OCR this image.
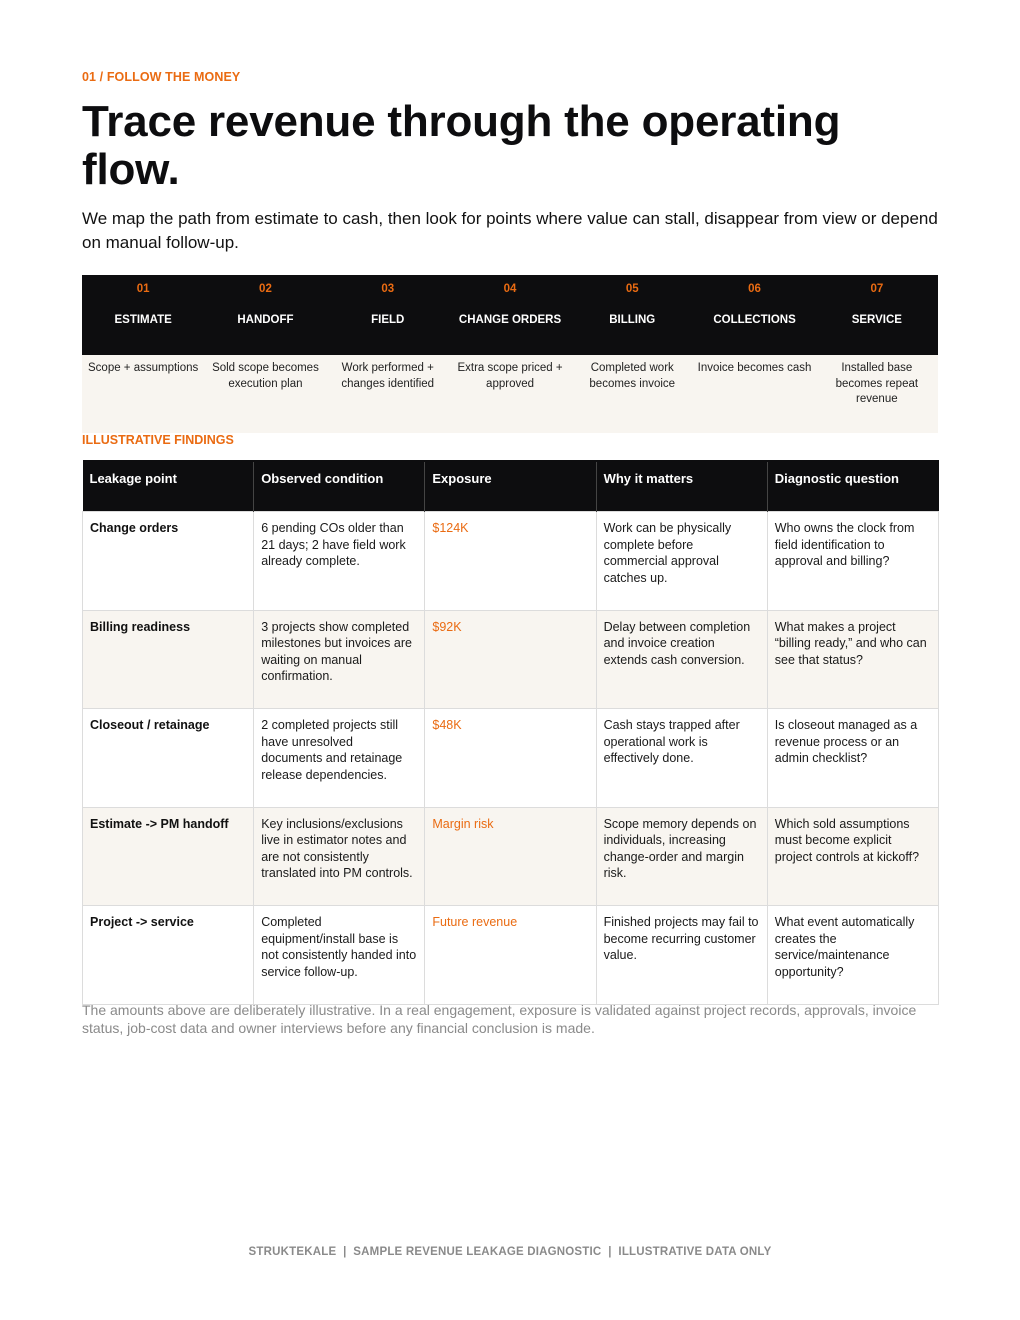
01 / FOLLOW THE MONEY
Trace revenue through the operating flow.

We map the path from estimate to cash, then look for points where value can stall, disappear from view or depend on manual follow-up.

01
ESTIMATE
Scope + assumptions
02
HANDOFF
Sold scope becomes execution plan
03
FIELD
Work performed + changes identified
04
CHANGE ORDERS
Extra scope priced + approved
05
BILLING
Completed work becomes invoice
06
COLLECTIONS
Invoice becomes cash
07
SERVICE
Installed base becomes repeat revenue
ILLUSTRATIVE FINDINGS
Leakage point	Observed condition	Exposure	Why it matters	Diagnostic question
Change orders	6 pending COs older than 21 days; 2 have field work already complete.	$124K	Work can be physically complete before commercial approval catches up.	Who owns the clock from field identification to approval and billing?
Billing readiness	3 projects show completed milestones but invoices are waiting on manual confirmation.	$92K	Delay between completion and invoice creation extends cash conversion.	What makes a project “billing ready,” and who can see that status?
Closeout / retainage	2 completed projects still have unresolved documents and retainage release dependencies.	$48K	Cash stays trapped after operational work is effectively done.	Is closeout managed as a revenue process or an admin checklist?
Estimate -> PM handoff	Key inclusions/exclusions live in estimator notes and are not consistently translated into PM controls.	Margin risk	Scope memory depends on individuals, increasing change-order and margin risk.	Which sold assumptions must become explicit project controls at kickoff?
Project -> service	Completed equipment/install base is not consistently handed into service follow-up.	Future revenue	Finished projects may fail to become recurring customer value.	What event automatically creates the service/maintenance opportunity?

The amounts above are deliberately illustrative. In a real engagement, exposure is validated against project records, approvals, invoice status, job-cost data and owner interviews before any financial conclusion is made.

STRUKTEKALE  |  SAMPLE REVENUE LEAKAGE DIAGNOSTIC  |  ILLUSTRATIVE DATA ONLY
